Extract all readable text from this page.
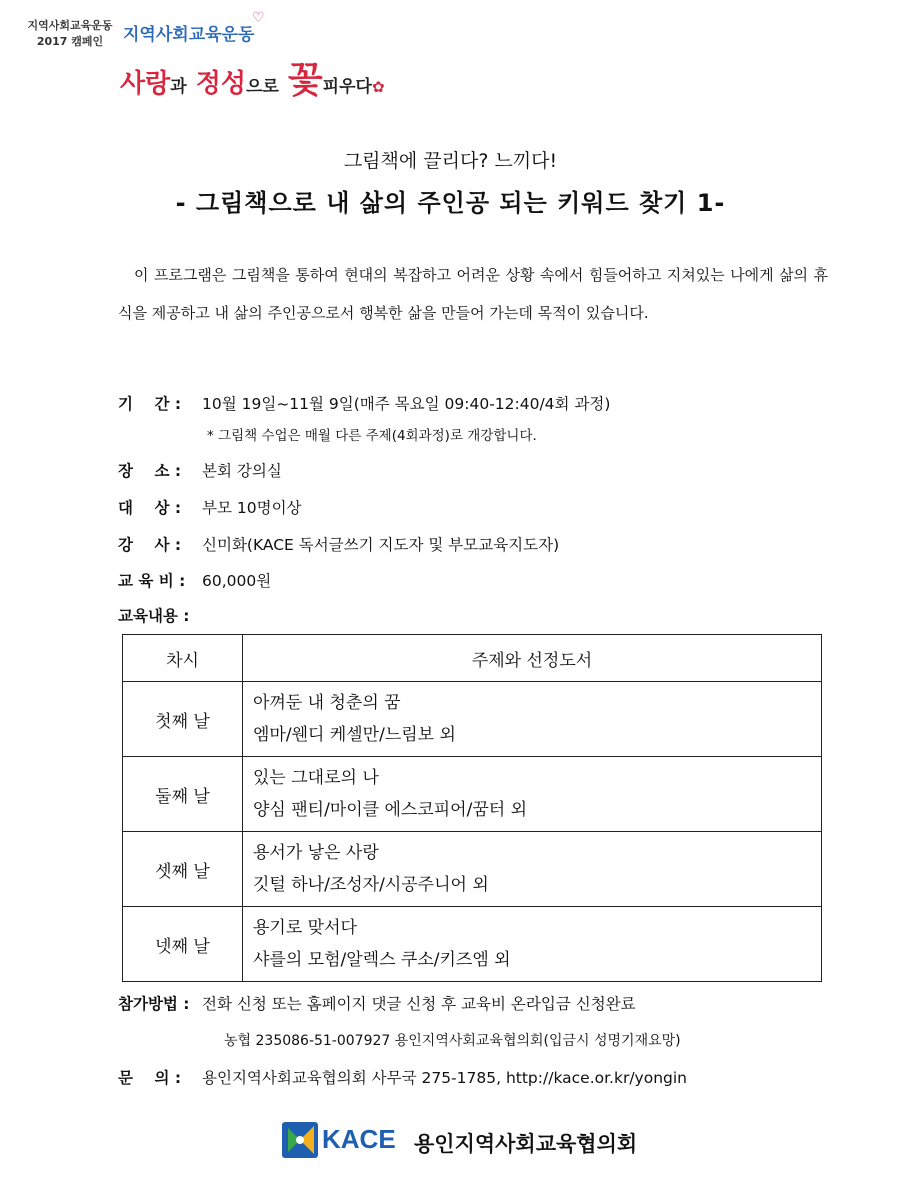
지역사회교육운동
2017 캠페인	지역사회교육운동
♡
사랑과 정성으로 꽃피우다✿
그림책에 끌리다? 느끼다!
- 그림책으로 내 삶의 주인공 되는 키워드 찾기 1-
이 프로그램은 그림책을 통하여 현대의 복잡하고 어려운 상황 속에서 힘들어하고 지쳐있는 나에게 삶의 휴식을 제공하고 내 삶의 주인공으로서 행복한 삶을 만들어 가는데 목적이 있습니다.
기    간 : 10월 19일~11월 9일(매주 목요일 09:40-12:40/4회 과정)
* 그림책 수업은 매월 다른 주제(4회과정)로 개강합니다.
장    소 : 본회 강의실
대    상 : 부모 10명이상
강    사 : 신미화(KACE 독서글쓰기 지도자 및 부모교육지도자)
교 육 비 : 60,000원
교육내용 :
차시	주제와 선정도서
첫째 날	아껴둔 내 청춘의 꿈
엠마/웬디 케셀만/느림보 외

둘째 날	있는 그대로의 나
양심 팬티/마이클 에스코피어/꿈터 외

셋째 날	용서가 낳은 사랑
깃털 하나/조성자/시공주니어 외

넷째 날	용기로 맞서다
샤를의 모험/알렉스 쿠소/키즈엠 외
참가방법 : 전화 신청 또는 홈페이지 댓글 신청 후 교육비 온라입금 신청완료
농협 235086-51-007927 용인지역사회교육협의회(입금시 성명기재요망)
문    의 : 용인지역사회교육협의회 사무국 275-1785, http://kace.or.kr/yongin
KACE 용인지역사회교육협의회
